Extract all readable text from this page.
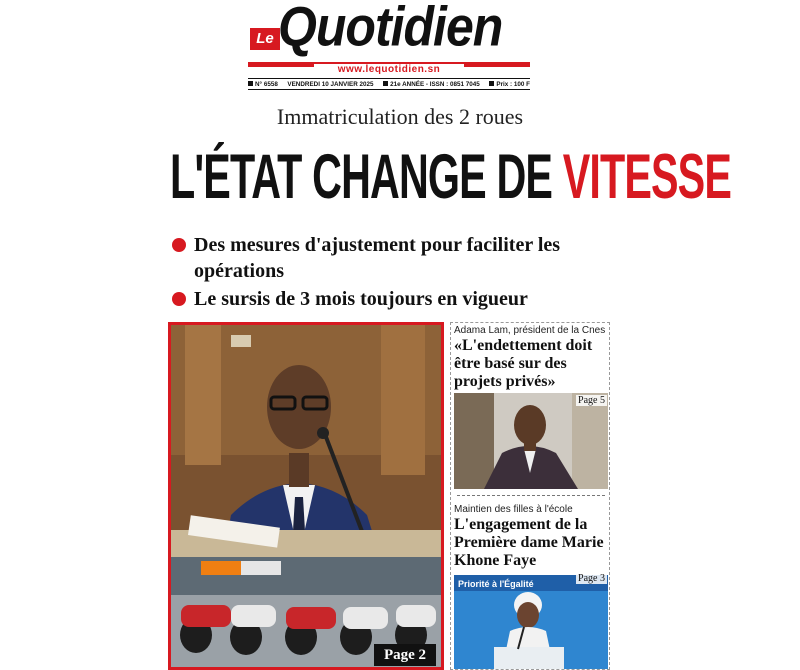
Le Quotidien
www.lequotidien.sn
N° 6558 VENDREDI 10 JANVIER 2025	21e ANNÉE - ISSN : 0851 7045	Prix : 100 F
Immatriculation des 2 roues
L'ÉTAT CHANGE DE VITESSE
Des mesures d'ajustement pour faciliter les opérations
Le sursis de 3 mois toujours en vigueur
Page 2
Adama Lam, président de la Cnes
«L'endettement doit être basé sur des projets privés»
Page 5
Maintien des filles à l'école
L'engagement de la Première dame Marie Khone Faye
Priorité à l'Égalité	Page 3
